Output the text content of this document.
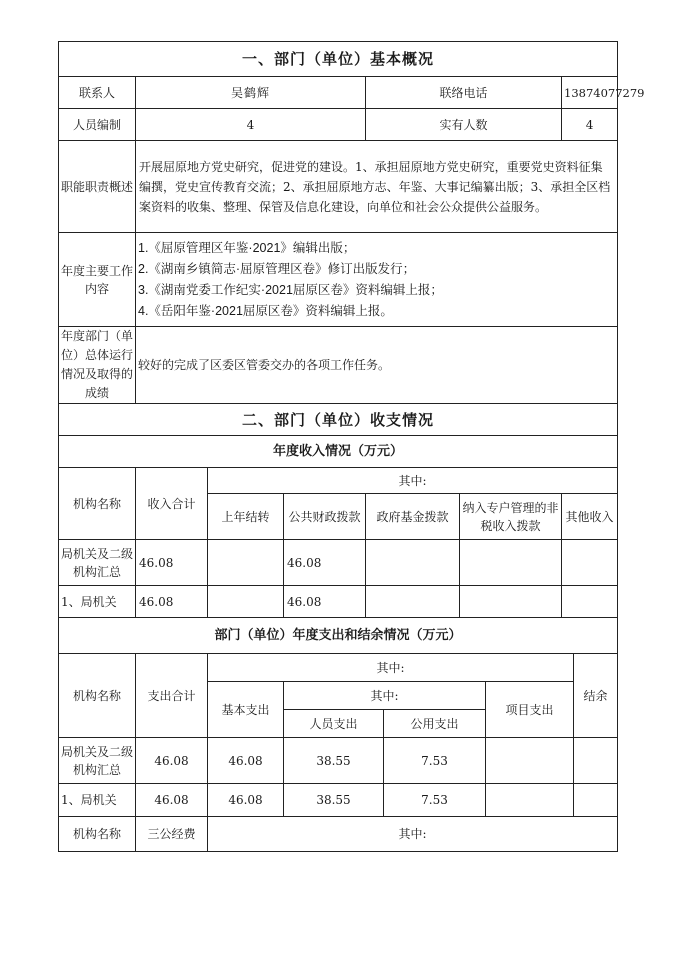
一、部门（单位）基本概况						
联系人	吴鹤辉			联络电话		13874077279
人员编制	4			实有人数		4
职能职责概述	开展屈原地方党史研究，促进党的建设。1、承担屈原地方党史研究，重要党史资料征集编撰，党史宣传教育交流；2、承担屈原地方志、年鉴、大事记编纂出版；3、承担全区档案资料的收集、整理、保管及信息化建设，向单位和社会公众提供公益服务。					
年度主要工作内容	1.《屈原管理区年鉴·2021》编辑出版；
2.《湖南乡镇简志·屈原管理区卷》修订出版发行；
3.《湖南党委工作纪实·2021屈原区卷》资料编辑上报；
4.《岳阳年鉴·2021屈原区卷》资料编辑上报。					

年度部门（单位）总体运行情况及取得的成绩	较好的完成了区委区管委交办的各项工作任务。					
二、部门（单位）收支情况						
年度收入情况（万元）						
机构名称	收入合计	其中:				
		上年结转	公共财政拨款	政府基金拨款	纳入专户管理的非税收入拨款	其他收入
局机关及二级机构汇总	46.08		46.08			
1、局机关	46.08		46.08			
部门（单位）年度支出和结余情况（万元）						
机构名称	支出合计	其中:				结余
		基本支出	其中:		项目支出	
			人员支出	公用支出		
局机关及二级机构汇总	46.08	46.08	38.55	7.53		
1、局机关	46.08	46.08	38.55	7.53		
机构名称	三公经费	其中:				
